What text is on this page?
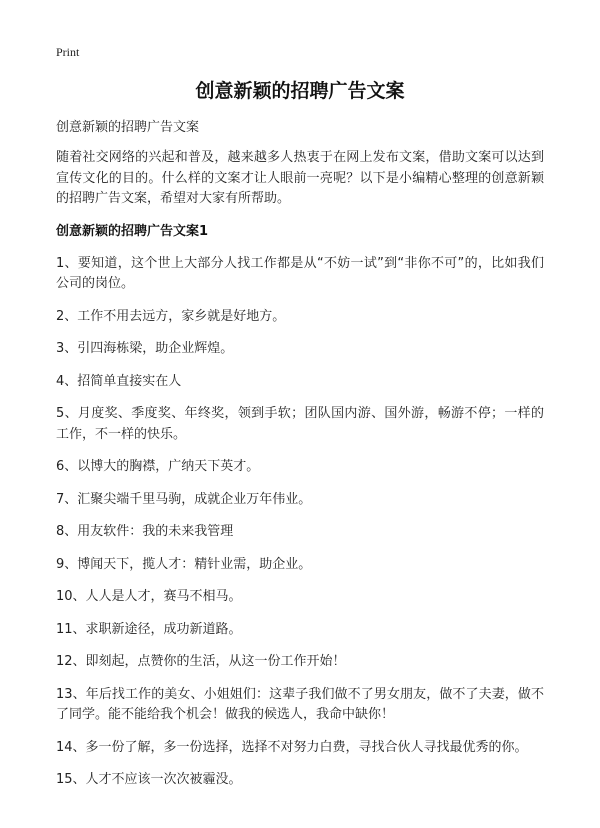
Print
创意新颖的招聘广告文案

创意新颖的招聘广告文案

随着社交网络的兴起和普及，越来越多人热衷于在网上发布文案，借助文案可以达到宣传文化的目的。什么样的文案才让人眼前一亮呢？以下是小编精心整理的创意新颖的招聘广告文案，希望对大家有所帮助。

创意新颖的招聘广告文案1
1、要知道，这个世上大部分人找工作都是从“不妨一试”到“非你不可”的，比如我们公司的岗位。
2、工作不用去远方，家乡就是好地方。
3、引四海栋梁，助企业辉煌。
4、招简单直接实在人
5、月度奖、季度奖、年终奖，领到手软；团队国内游、国外游，畅游不停；一样的工作，不一样的快乐。
6、以博大的胸襟，广纳天下英才。
7、汇聚尖端千里马驹，成就企业万年伟业。
8、用友软件：我的未来我管理
9、博闻天下，揽人才：精针业需，助企业。
10、人人是人才，赛马不相马。
11、求职新途径，成功新道路。
12、即刻起，点赞你的生活，从这一份工作开始！
13、年后找工作的美女、小姐姐们：这辈子我们做不了男女朋友，做不了夫妻，做不了同学。能不能给我个机会！做我的候选人，我命中缺你！
14、多一份了解，多一份选择，选择不对努力白费，寻找合伙人寻找最优秀的你。
15、人才不应该一次次被霾没。
